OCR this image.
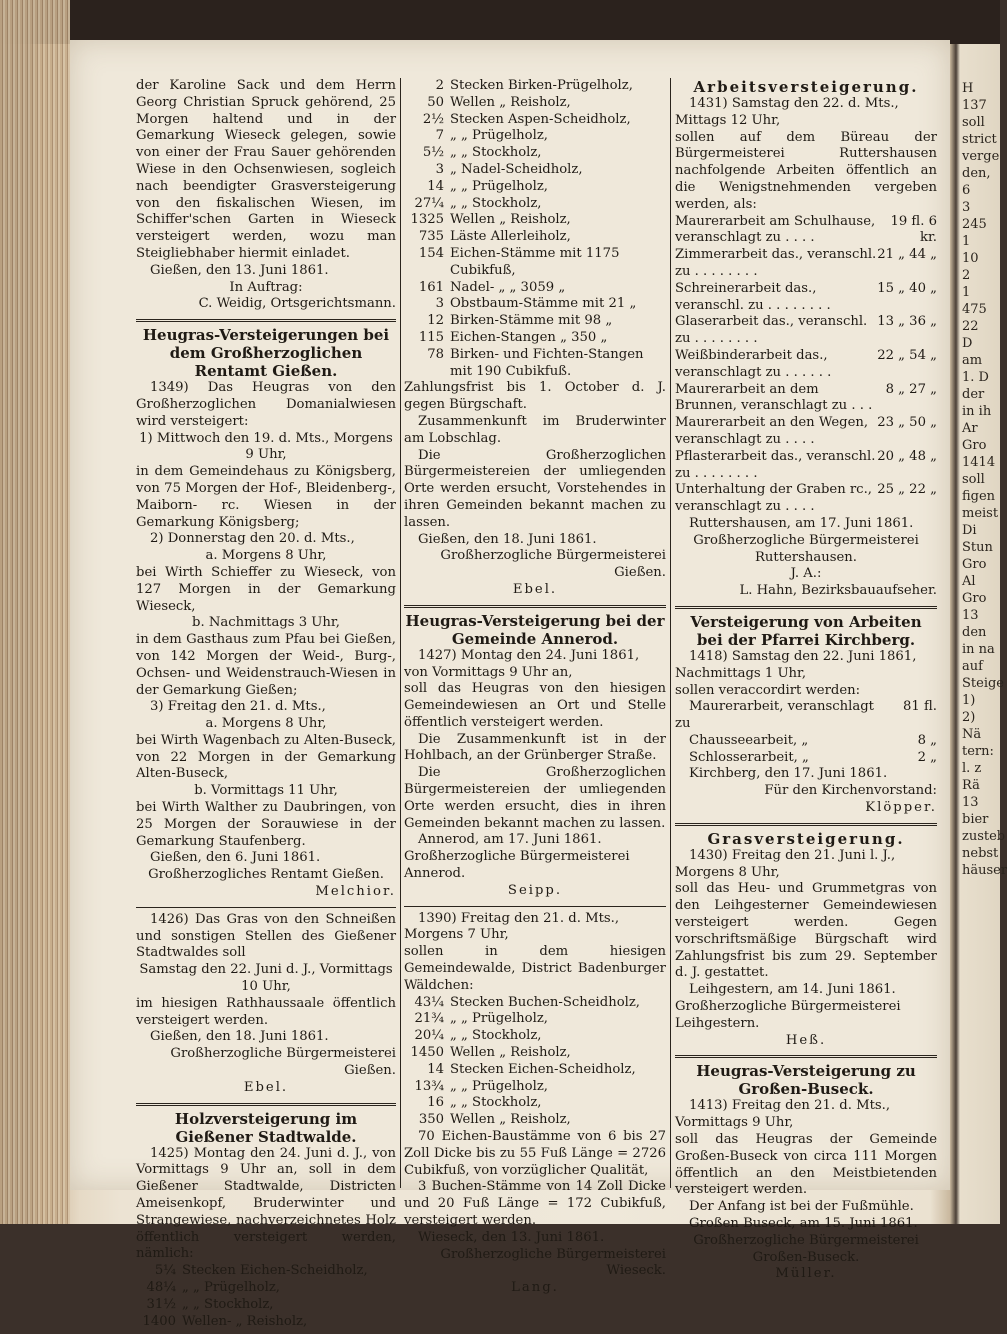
der Karoline Sack und dem Herrn Georg Christian Spruck gehörend, 25 Morgen haltend und in der Gemarkung Wieseck gelegen, sowie von einer der Frau Sauer gehörenden Wiese in den Ochsenwiesen, sogleich nach beendigter Grasversteigerung von den fiskalischen Wiesen, im Schiffer'schen Garten in Wieseck versteigert werden, wozu man Steigliebhaber hiermit einladet.
Gießen, den 13. Juni 1861.
In Auftrag:
C. Weidig, Ortsgerichtsmann.
Heugras-Versteigerungen bei dem Großherzoglichen Rentamt Gießen.
1349) Das Heugras von den Großherzoglichen Domanialwiesen wird versteigert:
1) Mittwoch den 19. d. Mts., Morgens 9 Uhr,
in dem Gemeindehaus zu Königsberg, von 75 Morgen der Hof-, Bleidenberg-, Maiborn- rc. Wiesen in der Gemarkung Königsberg;
2) Donnerstag den 20. d. Mts.,
a. Morgens 8 Uhr,
bei Wirth Schieffer zu Wieseck, von 127 Morgen in der Gemarkung Wieseck,
b. Nachmittags 3 Uhr,
in dem Gasthaus zum Pfau bei Gießen, von 142 Morgen der Weid-, Burg-, Ochsen- und Weidenstrauch-Wiesen in der Gemarkung Gießen;
3) Freitag den 21. d. Mts.,
a. Morgens 8 Uhr,
bei Wirth Wagenbach zu Alten-Buseck, von 22 Morgen in der Gemarkung Alten-Buseck,
b. Vormittags 11 Uhr,
bei Wirth Walther zu Daubringen, von 25 Morgen der Sorauwiese in der Gemarkung Staufenberg.
Gießen, den 6. Juni 1861.
Großherzogliches Rentamt Gießen.
Melchior.
1426) Das Gras von den Schneißen und sonstigen Stellen des Gießener Stadtwaldes soll
Samstag den 22. Juni d. J., Vormittags 10 Uhr,
im hiesigen Rathhaussaale öffentlich versteigert werden.
Gießen, den 18. Juni 1861.
Großherzogliche Bürgermeisterei Gießen.
Ebel.
Holzversteigerung im Gießener Stadtwalde.
1425) Montag den 24. Juni d. J., von Vormittags 9 Uhr an, soll in dem Gießener Stadtwalde, Districten Ameisenkopf, Bruderwinter und Strangewiese, nachverzeichnetes Holz öffentlich versteigert werden, nämlich:
5¼ Stecken Eichen-Scheidholz,
48¼ „ „ Prügelholz,
31½ „ „ Stockholz,
1400 Wellen- „ Reisholz,
2 Stecken Birken-Prügelholz,
50 Wellen „ Reisholz,
2½ Stecken Aspen-Scheidholz,
7 „ „ Prügelholz,
5½ „ „ Stockholz,
3 „ Nadel-Scheidholz,
14 „ „ Prügelholz,
27¼ „ „ Stockholz,
1325 Wellen „ Reisholz,
735 Läste Allerleiholz,
154 Eichen-Stämme mit 1175 Cubikfuß,
161 Nadel- „ „ 3059 „
3 Obstbaum-Stämme mit 21 „
12 Birken-Stämme mit 98 „
115 Eichen-Stangen „ 350 „
78 Birken- und Fichten-Stangen mit 190 Cubikfuß.
Zahlungsfrist bis 1. October d. J. gegen Bürgschaft.
Zusammenkunft im Bruderwinter am Lobschlag.
Die Großherzoglichen Bürgermeistereien der umliegenden Orte werden ersucht, Vorstehendes in ihren Gemeinden bekannt machen zu lassen.
Gießen, den 18. Juni 1861.
Großherzogliche Bürgermeisterei Gießen.
Ebel.
Heugras-Versteigerung bei der Gemeinde Annerod.
1427) Montag den 24. Juni 1861, von Vormittags 9 Uhr an,
soll das Heugras von den hiesigen Gemeindewiesen an Ort und Stelle öffentlich versteigert werden.
Die Zusammenkunft ist in der Hohlbach, an der Grünberger Straße.
Die Großherzoglichen Bürgermeistereien der umliegenden Orte werden ersucht, dies in ihren Gemeinden bekannt machen zu lassen.
Annerod, am 17. Juni 1861.
Großherzogliche Bürgermeisterei Annerod.
Seipp.
1390) Freitag den 21. d. Mts., Morgens 7 Uhr,
sollen in dem hiesigen Gemeindewalde, District Badenburger Wäldchen:
43¼ Stecken Buchen-Scheidholz,
21¾ „ „ Prügelholz,
20¼ „ „ Stockholz,
1450 Wellen „ Reisholz,
14 Stecken Eichen-Scheidholz,
13¾ „ „ Prügelholz,
16 „ „ Stockholz,
350 Wellen „ Reisholz,
70 Eichen-Baustämme von 6 bis 27 Zoll Dicke bis zu 55 Fuß Länge = 2726 Cubikfuß, von vorzüglicher Qualität,
3 Buchen-Stämme von 14 Zoll Dicke und 20 Fuß Länge = 172 Cubikfuß, versteigert werden.
Wieseck, den 13. Juni 1861.
Großherzogliche Bürgermeisterei Wieseck.
Lang.
Arbeitsversteigerung.
1431) Samstag den 22. d. Mts., Mittags 12 Uhr,
sollen auf dem Büreau der Bürgermeisterei Ruttershausen nachfolgende Arbeiten öffentlich an die Wenigstnehmenden vergeben werden, als:
Maurerarbeit am Schulhause, veranschlagt zu . . . .
19 fl. 6 kr.
Zimmerarbeit das., veranschl. zu . . . . . . . .
21 „ 44 „
Schreinerarbeit das., veranschl. zu . . . . . . . .
15 „ 40 „
Glaserarbeit das., veranschl. zu . . . . . . . .
13 „ 36 „
Weißbinderarbeit das., veranschlagt zu . . . . . .
22 „ 54 „
Maurerarbeit an dem Brunnen, veranschlagt zu . . .
8 „ 27 „
Maurerarbeit an den Wegen, veranschlagt zu . . . .
23 „ 50 „
Pflasterarbeit das., veranschl. zu . . . . . . . .
20 „ 48 „
Unterhaltung der Graben rc., veranschlagt zu . . . .
25 „ 22 „
Ruttershausen, am 17. Juni 1861.
Großherzogliche Bürgermeisterei Ruttershausen.
J. A.:
L. Hahn, Bezirksbauaufseher.
Versteigerung von Arbeiten bei der Pfarrei Kirchberg.
1418) Samstag den 22. Juni 1861, Nachmittags 1 Uhr,
sollen veraccordirt werden:
Maurerarbeit, veranschlagt zu
81 fl.
Chausseearbeit, „	8 „
Schlosserarbeit, „	2 „
Kirchberg, den 17. Juni 1861.
Für den Kirchenvorstand:
Klöpper.
Grasversteigerung.
1430) Freitag den 21. Juni l. J., Morgens 8 Uhr,
soll das Heu- und Grummetgras von den Leihgesterner Gemeindewiesen versteigert werden. Gegen vorschriftsmäßige Bürgschaft wird Zahlungsfrist bis zum 29. September d. J. gestattet.
Leihgestern, am 14. Juni 1861.
Großherzogliche Bürgermeisterei Leihgestern.
Heß.
Heugras-Versteigerung zu Großen-Buseck.
1413) Freitag den 21. d. Mts., Vormittags 9 Uhr,
soll das Heugras der Gemeinde Großen-Buseck von circa 111 Morgen öffentlich an den Meistbietenden versteigert werden.
Der Anfang ist bei der Fußmühle.
Großen Buseck, am 15. Juni 1861.
Großherzogliche Bürgermeisterei Großen-Buseck.
Müller.
H
137
soll
strict
verge
den,
6
3
245
1
10
2
1
475
22
D
am
1. D
der
in ih
Ar
Gro
1414
soll
figen
meist
Di
Stun
Gro
Al
Gro
13
den
in na
auf
Steige
1)
2)
Nä
tern:
l. z
Rä
13
bier
zusteb
nebst
häuser
